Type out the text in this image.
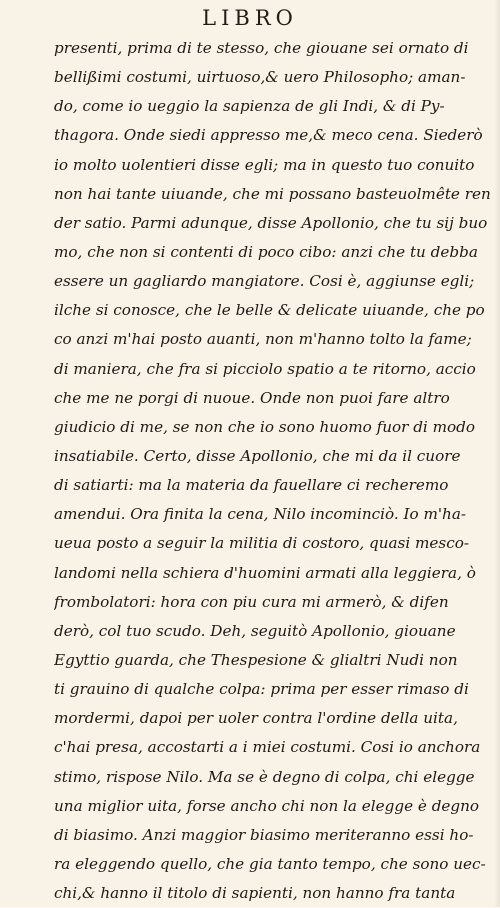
LIBRO
presenti, prima di te stesso, che giouane sei ornato di
bellißimi costumi, uirtuoso,& uero Philosopho; aman-
do, come io ueggio la sapienza de gli Indi, & di Py-
thagora. Onde siedi appresso me,& meco cena. Siederò
io molto uolentieri disse egli; ma in questo tuo conuito
non hai tante uiuande, che mi possano basteuolmête ren
der satio. Parmi adunque, disse Apollonio, che tu sij buo
mo, che non si contenti di poco cibo: anzi che tu debba
essere un gagliardo mangiatore. Cosi è, aggiunse egli;
ilche si conosce, che le belle & delicate uiuande, che po
co anzi m'hai posto auanti, non m'hanno tolto la fame;
di maniera, che fra si picciolo spatio a te ritorno, accio
che me ne porgi di nuoue. Onde non puoi fare altro
giudicio di me, se non che io sono huomo fuor di modo
insatiabile. Certo, disse Apollonio, che mi da il cuore
di satiarti: ma la materia da fauellare ci recheremo
amendui. Ora finita la cena, Nilo incominciò. Io m'ha-
ueua posto a seguir la militia di costoro, quasi mesco-
landomi nella schiera d'huomini armati alla leggiera, ò
frombolatori: hora con piu cura mi armerò, & difen
derò, col tuo scudo. Deh, seguitò Apollonio, giouane
Egyttio guarda, che Thespesione & glialtri Nudi non
ti grauino di qualche colpa: prima per esser rimaso di
mordermi, dapoi per uoler contra l'ordine della uita,
c'hai presa, accostarti a i miei costumi. Cosi io anchora
stimo, rispose Nilo. Ma se è degno di colpa, chi elegge
una miglior uita, forse ancho chi non la elegge è degno
di biasimo. Anzi maggior biasimo meriteranno essi ho-
ra eleggendo quello, che gia tanto tempo, che sono uec-
chi,& hanno il titolo di sapienti, non hanno fra tanta
